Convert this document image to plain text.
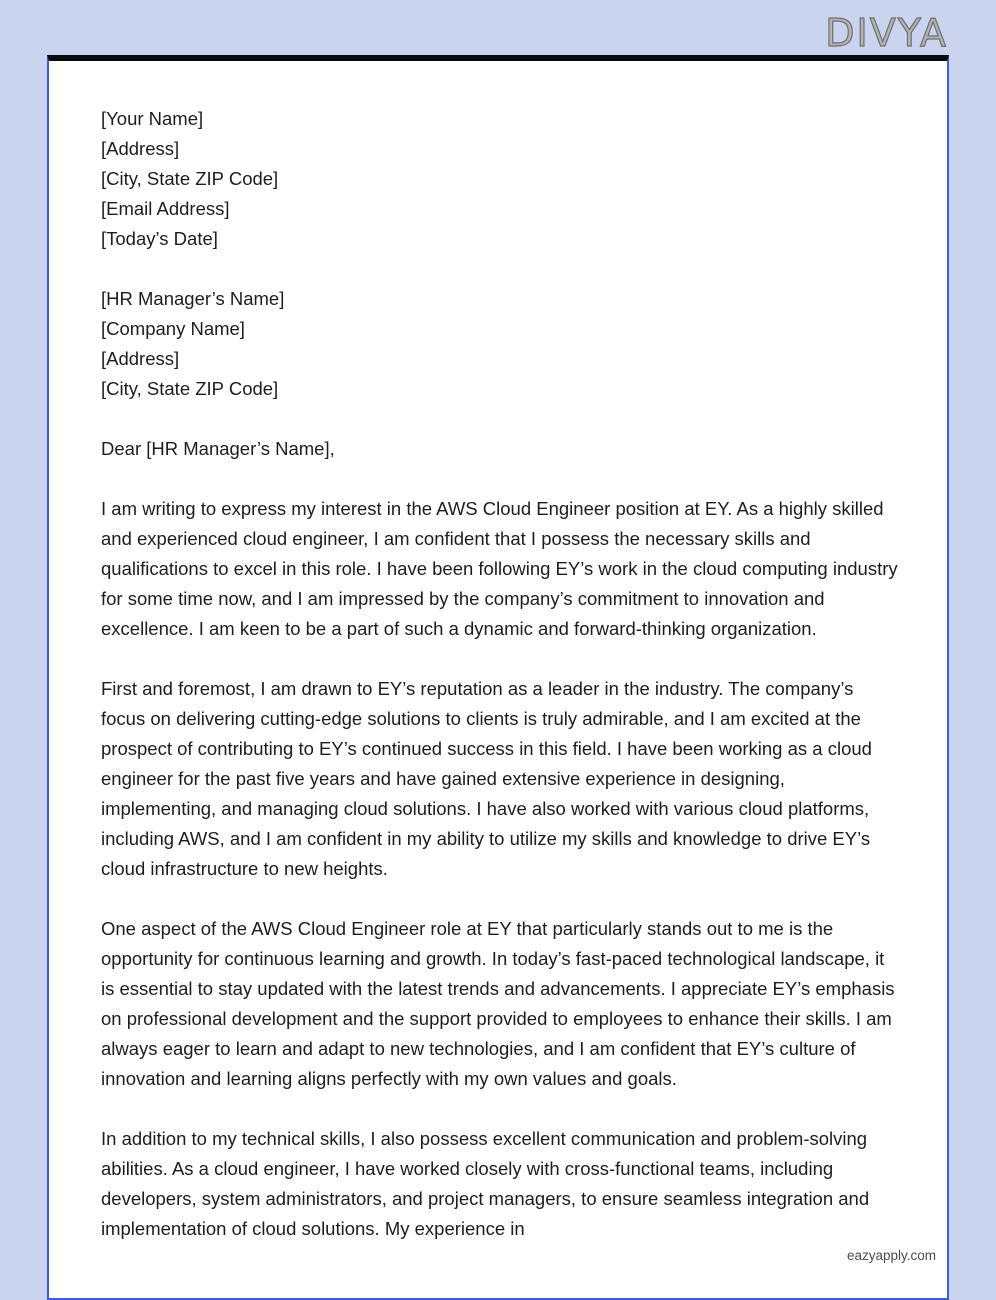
DIVYA
[Your Name]
[Address]
[City, State ZIP Code]
[Email Address]
[Today’s Date]
[HR Manager’s Name]
[Company Name]
[Address]
[City, State ZIP Code]
Dear [HR Manager’s Name],

I am writing to express my interest in the AWS Cloud Engineer position at EY. As a highly skilled and experienced cloud engineer, I am confident that I possess the necessary skills and qualifications to excel in this role. I have been following EY’s work in the cloud computing industry for some time now, and I am impressed by the company’s commitment to innovation and excellence. I am keen to be a part of such a dynamic and forward-thinking organization.

First and foremost, I am drawn to EY’s reputation as a leader in the industry. The company’s focus on delivering cutting-edge solutions to clients is truly admirable, and I am excited at the prospect of contributing to EY’s continued success in this field. I have been working as a cloud engineer for the past five years and have gained extensive experience in designing, implementing, and managing cloud solutions. I have also worked with various cloud platforms, including AWS, and I am confident in my ability to utilize my skills and knowledge to drive EY’s cloud infrastructure to new heights.

One aspect of the AWS Cloud Engineer role at EY that particularly stands out to me is the opportunity for continuous learning and growth. In today’s fast-paced technological landscape, it is essential to stay updated with the latest trends and advancements. I appreciate EY’s emphasis on professional development and the support provided to employees to enhance their skills. I am always eager to learn and adapt to new technologies, and I am confident that EY’s culture of innovation and learning aligns perfectly with my own values and goals.

In addition to my technical skills, I also possess excellent communication and problem-solving abilities. As a cloud engineer, I have worked closely with cross-functional teams, including developers, system administrators, and project managers, to ensure seamless integration and implementation of cloud solutions. My experience in

eazyapply.com
